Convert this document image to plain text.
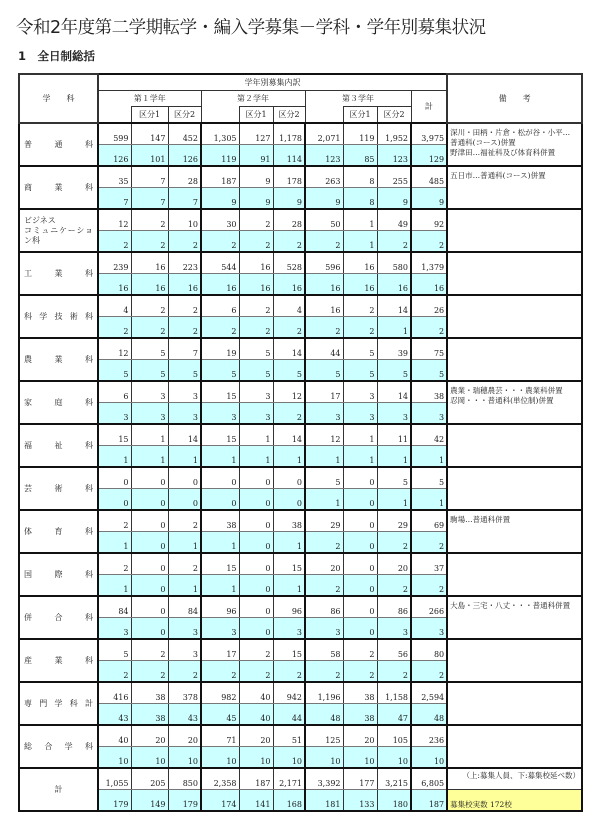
令和2年度第二学期転学・編入学募集－学科・学年別募集状況
1　全日制総括
学　　科	学年別募集内訳										備　　考
	第１学年			第２学年			第３学年			計	
		区分1	区分2		区分1	区分2		区分1	区分2		
普通科	599	147	452	1,305	127	1,178	2,071	119	1,952	3,975	深川・田柄・片倉・松が谷・小平…
普通科(コース)併置
野津田…福祉科及び体育科併置
	126	101	126	119	91	114	123	85	123	129	
商業科	35	7	28	187	9	178	263	8	255	485	五日市…普通科(コース)併置
	7	7	7	9	9	9	9	8	9	9	
ビジネス
コミュニケーション科	12	2	10	30	2	28	50	1	49	92	
	2	2	2	2	2	2	2	1	2	2	
工業科	239	16	223	544	16	528	596	16	580	1,379	
	16	16	16	16	16	16	16	16	16	16	
科学技術科	4	2	2	6	2	4	16	2	14	26	
	2	2	2	2	2	2	2	2	1	2	
農業科	12	5	7	19	5	14	44	5	39	75	
	5	5	5	5	5	5	5	5	5	5	
家庭科	6	3	3	15	3	12	17	3	14	38	農業・瑞穂農芸・・・農業科併置
忍岡・・・普通科(単位制)併置
	3	3	3	3	3	2	3	3	3	3	
福祉科	15	1	14	15	1	14	12	1	11	42	
	1	1	1	1	1	1	1	1	1	1	
芸術科	0	0	0	0	0	0	5	0	5	5	
	0	0	0	0	0	0	1	0	1	1	
体育科	2	0	2	38	0	38	29	0	29	69	駒場…普通科併置
	1	0	1	1	0	1	2	0	2	2	
国際科	2	0	2	15	0	15	20	0	20	37	
	1	0	1	1	0	1	2	0	2	2	
併合科	84	0	84	96	0	96	86	0	86	266	大島・三宅・八丈・・・普通科併置
	3	0	3	3	0	3	3	0	3	3	
産業科	5	2	3	17	2	15	58	2	56	80	
	2	2	2	2	2	2	2	2	2	2	
専門学科計	416	38	378	982	40	942	1,196	38	1,158	2,594	
	43	38	43	45	40	44	48	38	47	48	
総合学科	40	20	20	71	20	51	125	20	105	236	
	10	10	10	10	10	10	10	10	10	10	
計	1,055	205	850	2,358	187	2,171	3,392	177	3,215	6,805	
	179	149	179	174	141	168	181	133	180	187	募集校実数 172校
（上:募集人員、下:募集校延べ数）
